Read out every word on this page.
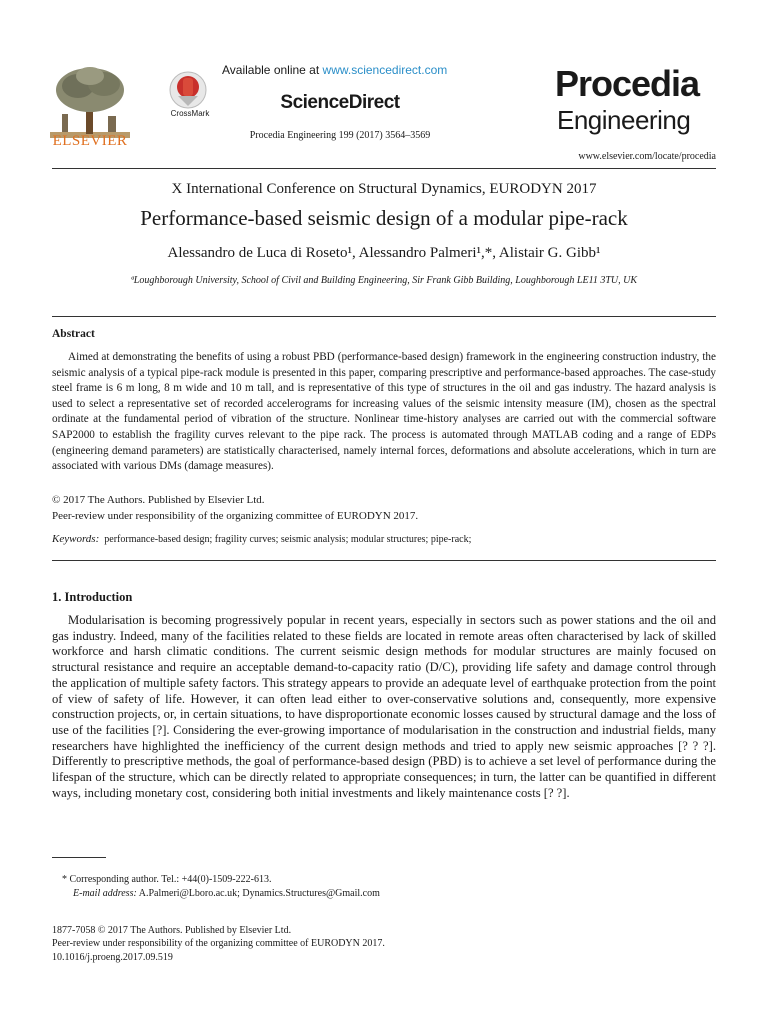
ELSEVIER
CrossMark
Available online at www.sciencedirect.com
ScienceDirect
Procedia Engineering 199 (2017) 3564–3569
Procedia
Engineering
www.elsevier.com/locate/procedia
X International Conference on Structural Dynamics, EURODYN 2017
Performance-based seismic design of a modular pipe-rack
Alessandro de Luca di Roseto¹, Alessandro Palmeri¹,*, Alistair G. Gibb¹
ªLoughborough University, School of Civil and Building Engineering, Sir Frank Gibb Building, Loughborough LE11 3TU, UK
Abstract
Aimed at demonstrating the benefits of using a robust PBD (performance-based design) framework in the engineering construction industry, the seismic analysis of a typical pipe-rack module is presented in this paper, comparing prescriptive and performance-based approaches. The case-study steel frame is 6 m long, 8 m wide and 10 m tall, and is representative of this type of structures in the oil and gas industry. The hazard analysis is used to select a representative set of recorded accelerograms for increasing values of the seismic intensity measure (IM), chosen as the spectral ordinate at the fundamental period of vibration of the structure. Nonlinear time-history analyses are carried out with the commercial software SAP2000 to establish the fragility curves relevant to the pipe rack. The process is automated through MATLAB coding and a range of EDPs (engineering demand parameters) are statistically characterised, namely internal forces, deformations and absolute accelerations, which in turn are associated with various DMs (damage measures).
© 2017 The Authors. Published by Elsevier Ltd.
Peer-review under responsibility of the organizing committee of EURODYN 2017.
Keywords: performance-based design; fragility curves; seismic analysis; modular structures; pipe-rack;
1. Introduction
Modularisation is becoming progressively popular in recent years, especially in sectors such as power stations and the oil and gas industry. Indeed, many of the facilities related to these fields are located in remote areas often characterised by lack of skilled workforce and harsh climatic conditions. The current seismic design methods for modular structures are mainly focused on structural resistance and require an acceptable demand-to-capacity ratio (D/C), providing life safety and damage control through the application of multiple safety factors. This strategy appears to provide an adequate level of earthquake protection from the point of view of safety of life. However, it can often lead either to over-conservative solutions and, consequently, more expensive construction projects, or, in certain situations, to have disproportionate economic losses caused by structural damage and the loss of use of the facilities [?]. Considering the ever-growing importance of modularisation in the construction and industrial fields, many researchers have highlighted the inefficiency of the current design methods and tried to apply new seismic approaches [? ? ?]. Differently to prescriptive methods, the goal of performance-based design (PBD) is to achieve a set level of performance during the lifespan of the structure, which can be directly related to appropriate consequences; in turn, the latter can be quantified in different ways, including monetary cost, considering both initial investments and likely maintenance costs [? ?].
* Corresponding author. Tel.: +44(0)-1509-222-613.
E-mail address: A.Palmeri@Lboro.ac.uk; Dynamics.Structures@Gmail.com
1877-7058 © 2017 The Authors. Published by Elsevier Ltd.
Peer-review under responsibility of the organizing committee of EURODYN 2017.
10.1016/j.proeng.2017.09.519
